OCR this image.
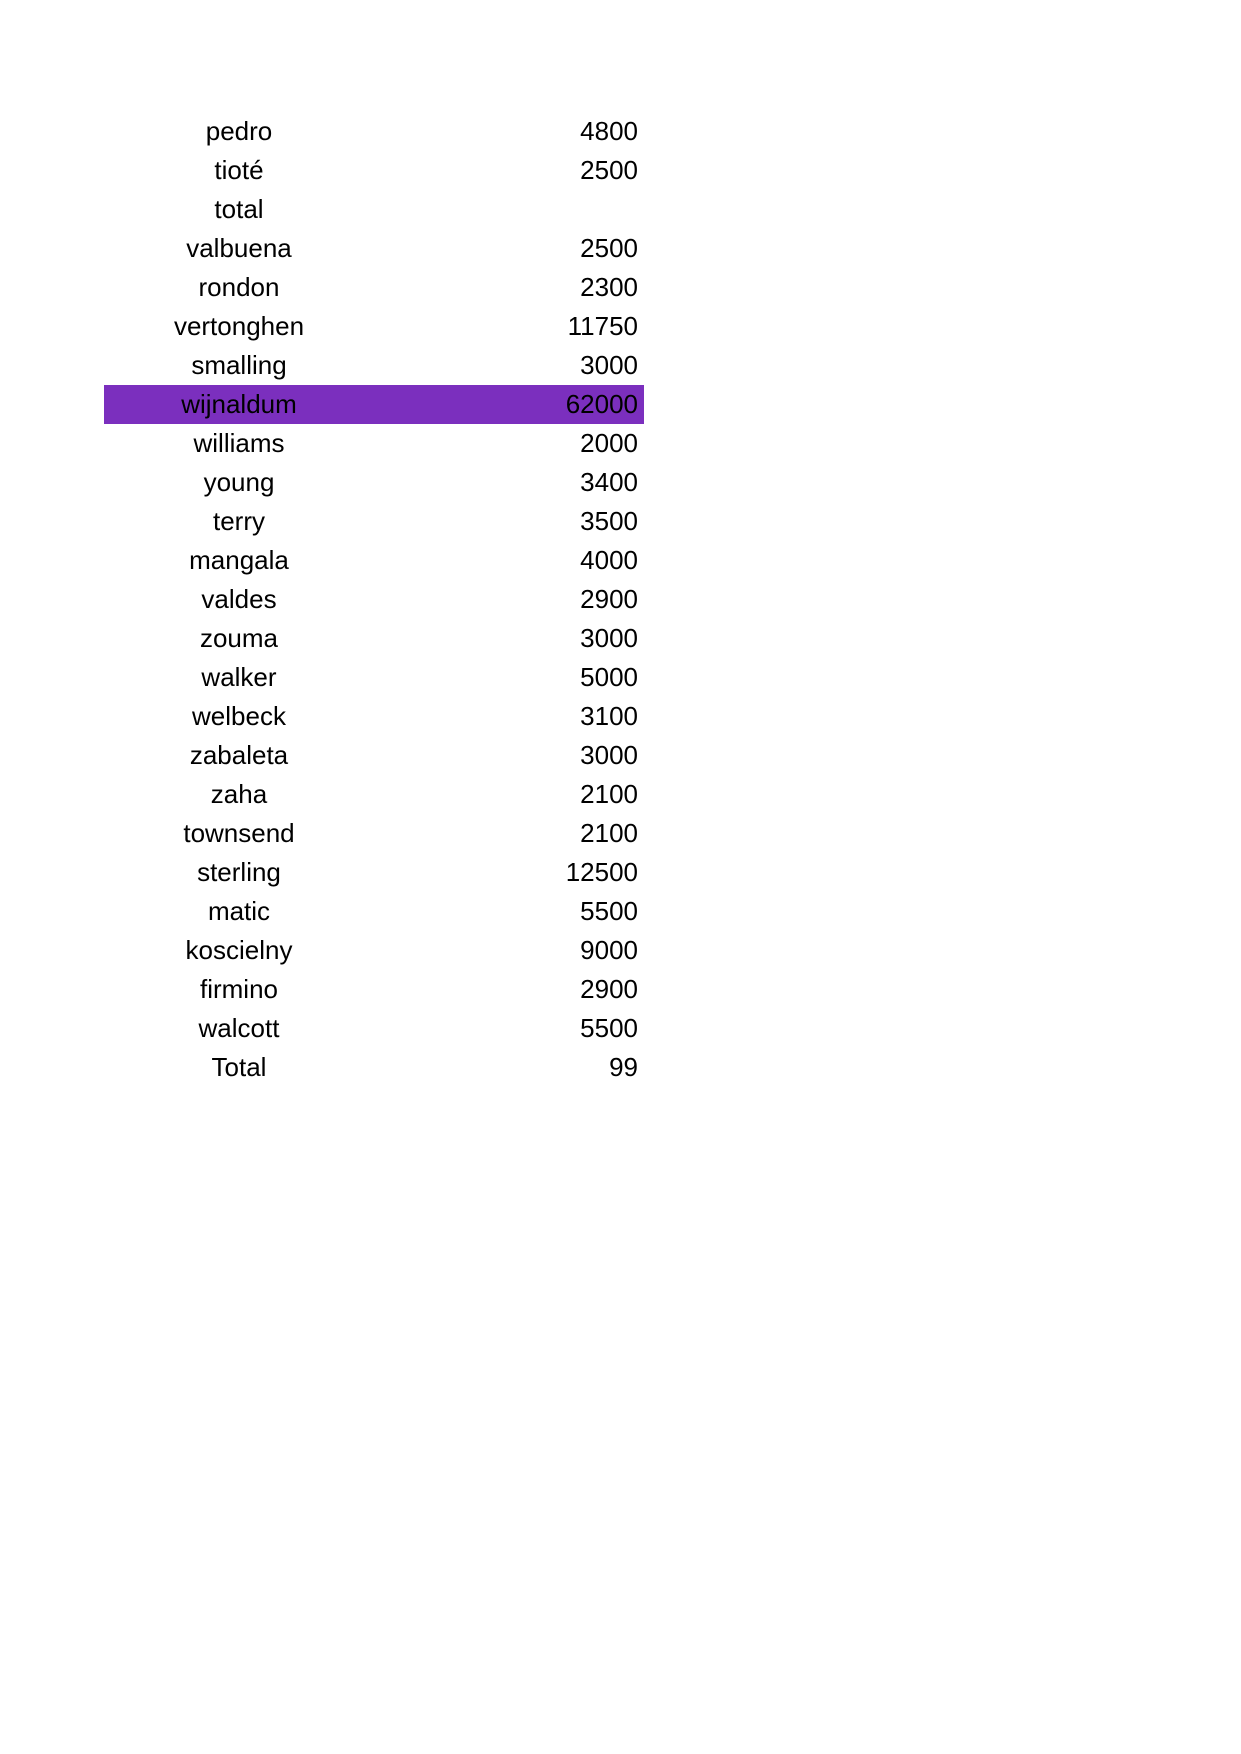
pedro	4800
tioté	2500
total
valbuena	2500
rondon	2300
vertonghen	11750
smalling	3000
wijnaldum	62000
williams	2000
young	3400
terry	3500
mangala	4000
valdes	2900
zouma	3000
walker	5000
welbeck	3100
zabaleta	3000
zaha	2100
townsend	2100
sterling	12500
matic	5500
koscielny	9000
firmino	2900
walcott	5500
Total	99
